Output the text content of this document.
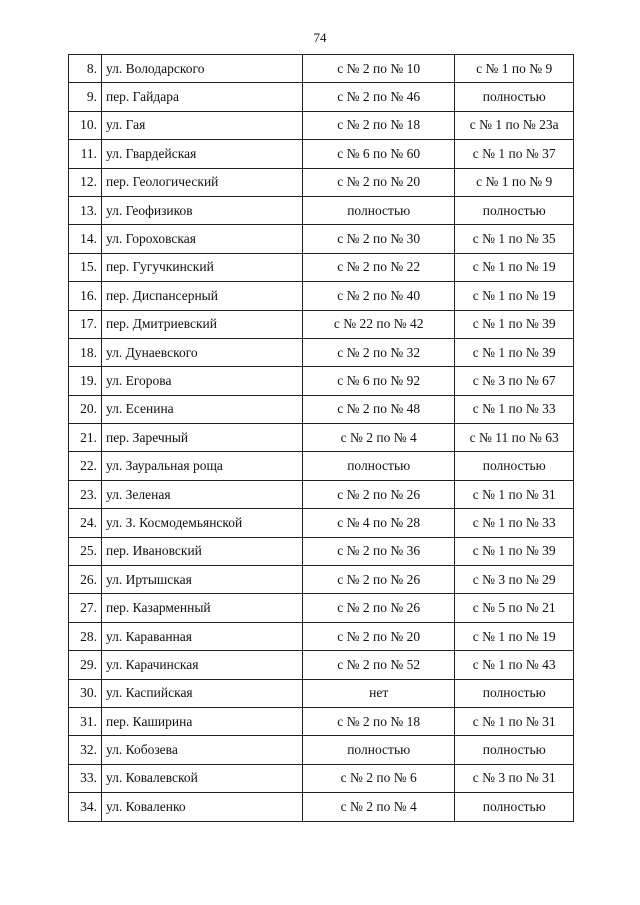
74
8.	ул. Володарского	с № 2 по № 10	с № 1 по № 9
9.	пер. Гайдара	с № 2 по № 46	полностью
10.	ул. Гая	с № 2 по № 18	с № 1 по № 23а
11.	ул. Гвардейская	с № 6 по № 60	с № 1 по № 37
12.	пер. Геологический	с № 2 по № 20	с № 1 по № 9
13.	ул. Геофизиков	полностью	полностью
14.	ул. Гороховская	с № 2 по № 30	с № 1 по № 35
15.	пер. Гугучкинский	с № 2 по № 22	с № 1 по № 19
16.	пер. Диспансерный	с № 2 по № 40	с № 1 по № 19
17.	пер. Дмитриевский	с № 22 по № 42	с № 1 по № 39
18.	ул. Дунаевского	с № 2 по № 32	с № 1 по № 39
19.	ул. Егорова	с № 6 по № 92	с № 3 по № 67
20.	ул. Есенина	с № 2 по № 48	с № 1 по № 33
21.	пер. Заречный	с № 2 по № 4	с № 11 по № 63
22.	ул. Зауральная роща	полностью	полностью
23.	ул. Зеленая	с № 2 по № 26	с № 1 по № 31
24.	ул. З. Космодемьянской	с № 4 по № 28	с № 1 по № 33
25.	пер. Ивановский	с № 2 по № 36	с № 1 по № 39
26.	ул. Иртышская	с № 2 по № 26	с № 3 по № 29
27.	пер. Казарменный	с № 2 по № 26	с № 5 по № 21
28.	ул. Караванная	с № 2 по № 20	с № 1 по № 19
29.	ул. Карачинская	с № 2 по № 52	с № 1 по № 43
30.	ул. Каспийская	нет	полностью
31.	пер. Каширина	с № 2 по № 18	с № 1 по № 31
32.	ул. Кобозева	полностью	полностью
33.	ул. Ковалевской	с № 2 по № 6	с № 3 по № 31
34.	ул. Коваленко	с № 2 по № 4	полностью
